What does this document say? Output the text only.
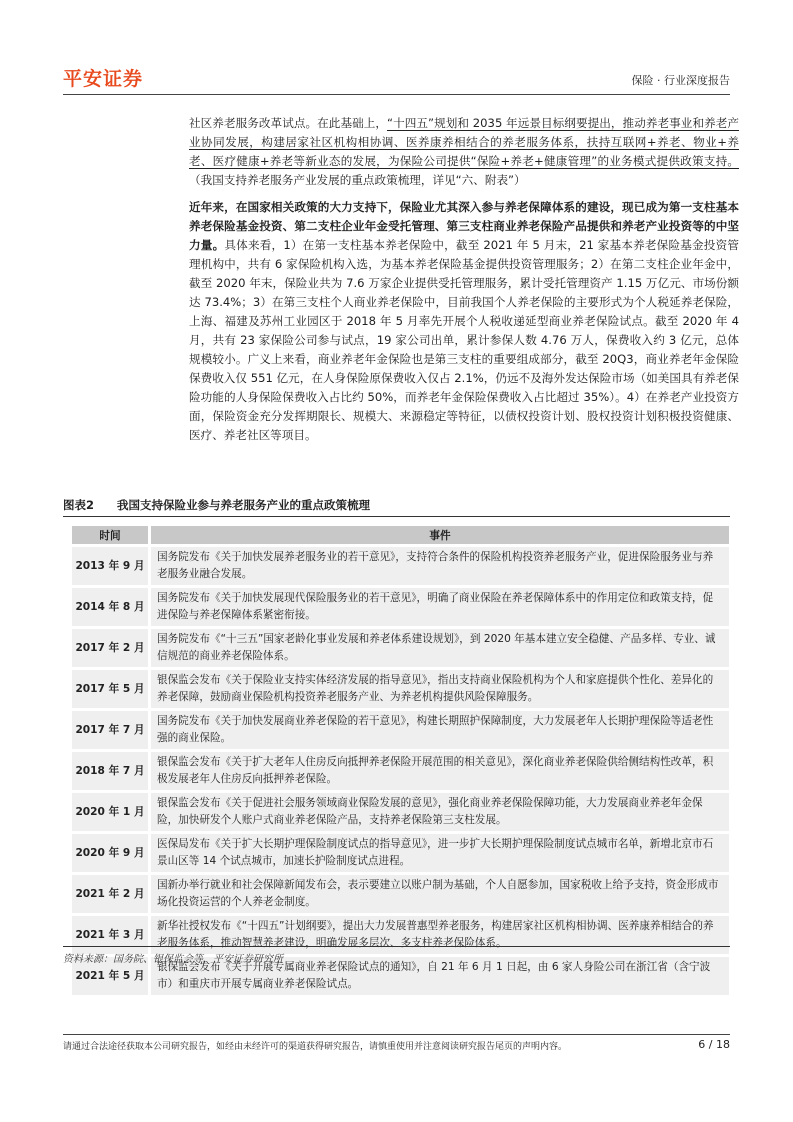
平安证券	保险 · 行业深度报告

社区养老服务改革试点。在此基础上，“十四五”规划和 2035 年远景目标纲要提出，推动养老事业和养老产业协同发展，构建居家社区机构相协调、医养康养相结合的养老服务体系，扶持互联网+养老、物业+养老、医疗健康+养老等新业态的发展，为保险公司提供“保险+养老+健康管理”的业务模式提供政策支持。（我国支持养老服务产业发展的重点政策梳理，详见“六、附表”）

近年来，在国家相关政策的大力支持下，保险业尤其深入参与养老保障体系的建设，现已成为第一支柱基本养老保险基金投资、第二支柱企业年金受托管理、第三支柱商业养老保险产品提供和养老产业投资等的中坚力量。具体来看，1）在第一支柱基本养老保险中，截至 2021 年 5 月末，21 家基本养老保险基金投资管理机构中，共有 6 家保险机构入选，为基本养老保险基金提供投资管理服务；2）在第二支柱企业年金中，截至 2020 年末，保险业共为 7.6 万家企业提供受托管理服务，累计受托管理资产 1.15 万亿元、市场份额达 73.4%；3）在第三支柱个人商业养老保险中，目前我国个人养老保险的主要形式为个人税延养老保险，上海、福建及苏州工业园区于 2018 年 5 月率先开展个人税收递延型商业养老保险试点。截至 2020 年 4 月，共有 23 家保险公司参与试点，19 家公司出单，累计参保人数 4.76 万人，保费收入约 3 亿元，总体规模较小。广义上来看，商业养老年金保险也是第三支柱的重要组成部分，截至 20Q3，商业养老年金保险保费收入仅 551 亿元，在人身保险原保费收入仅占 2.1%，仍远不及海外发达保险市场（如美国具有养老保险功能的人身保险保费收入占比约 50%，而养老年金保险保费收入占比超过 35%）。4）在养老产业投资方面，保险资金充分发挥期限长、规模大、来源稳定等特征，以债权投资计划、股权投资计划积极投资健康、医疗、养老社区等项目。

图表2 我国支持保险业参与养老服务产业的重点政策梳理
时间		事件
2013 年 9 月		国务院发布《关于加快发展养老服务业的若干意见》，支持符合条件的保险机构投资养老服务产业，促进保险服务业与养老服务业融合发展。
2014 年 8 月		国务院发布《关于加快发展现代保险服务业的若干意见》，明确了商业保险在养老保障体系中的作用定位和政策支持，促进保险与养老保障体系紧密衔接。
2017 年 2 月		国务院发布《“十三五”国家老龄化事业发展和养老体系建设规划》，到 2020 年基本建立安全稳健、产品多样、专业、诚信规范的商业养老保险体系。
2017 年 5 月		银保监会发布《关于保险业支持实体经济发展的指导意见》，指出支持商业保险机构为个人和家庭提供个性化、差异化的养老保障，鼓励商业保险机构投资养老服务产业、为养老机构提供风险保障服务。
2017 年 7 月		国务院发布《关于加快发展商业养老保险的若干意见》，构建长期照护保障制度，大力发展老年人长期护理保险等适老性强的商业保险。
2018 年 7 月		银保监会发布《关于扩大老年人住房反向抵押养老保险开展范围的相关意见》，深化商业养老保险供给侧结构性改革，积极发展老年人住房反向抵押养老保险。
2020 年 1 月		银保监会发布《关于促进社会服务领域商业保险发展的意见》，强化商业养老保险保障功能，大力发展商业养老年金保险，加快研发个人账户式商业养老保险产品，支持养老保险第三支柱发展。
2020 年 9 月		医保局发布《关于扩大长期护理保险制度试点的指导意见》，进一步扩大长期护理保险制度试点城市名单，新增北京市石景山区等 14 个试点城市，加速长护险制度试点进程。
2021 年 2 月		国新办举行就业和社会保障新闻发布会，表示要建立以账户制为基础，个人自愿参加，国家税收上给予支持，资金形成市场化投资运营的个人养老金制度。
2021 年 3 月		新华社授权发布《“十四五”计划纲要》，提出大力发展普惠型养老服务，构建居家社区机构相协调、医养康养相结合的养老服务体系，推动智慧养老建设，明确发展多层次、多支柱养老保险体系。
2021 年 5 月		银保监会发布《关于开展专属商业养老保险试点的通知》，自 21 年 6 月 1 日起，由 6 家人身险公司在浙江省（含宁波市）和重庆市开展专属商业养老保险试点。
资料来源：国务院、银保监会等，平安证券研究所
请通过合法途径获取本公司研究报告，如经由未经许可的渠道获得研究报告，请慎重使用并注意阅读研究报告尾页的声明内容。	6 / 18
